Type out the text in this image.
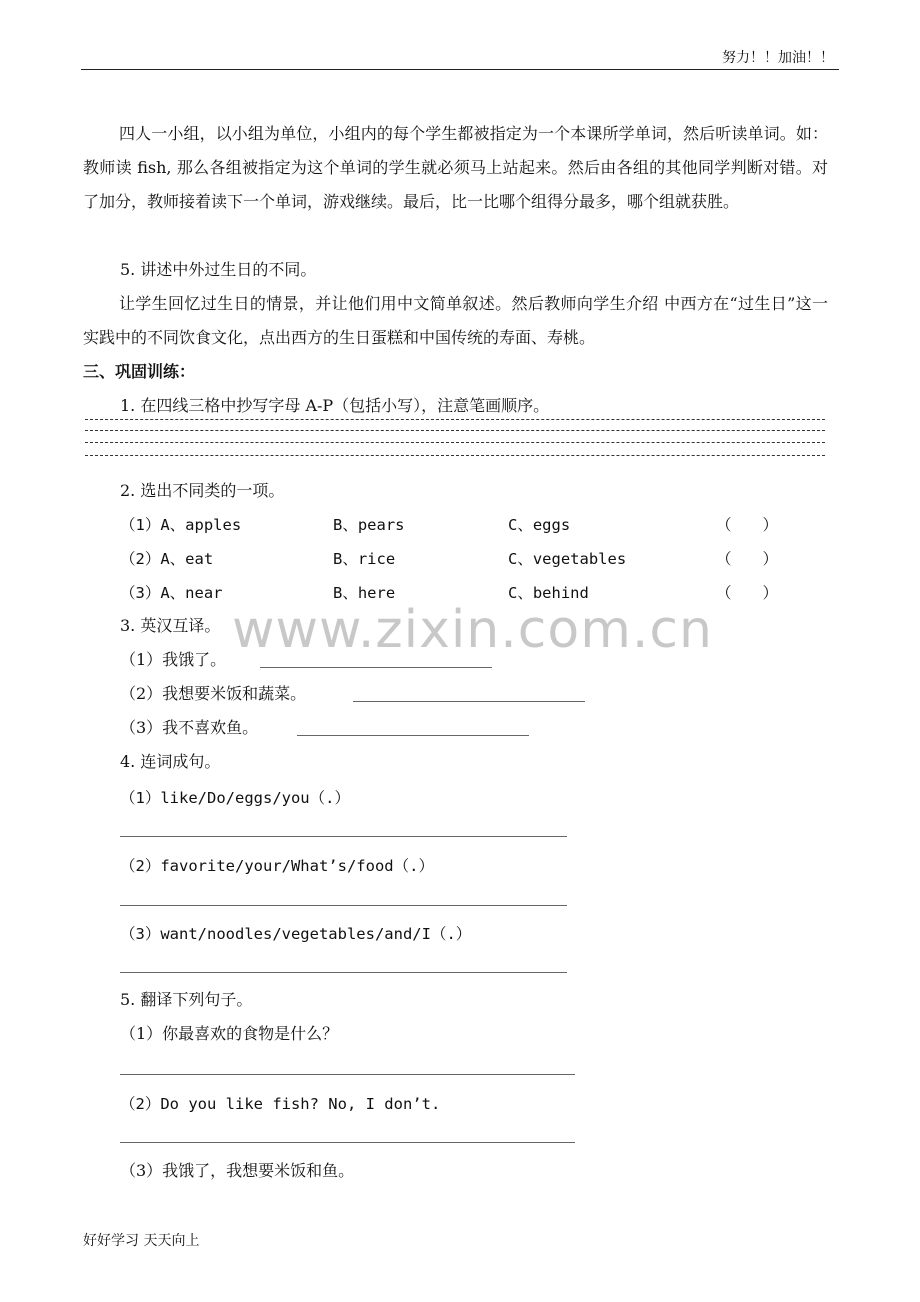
努力！！加油！！
四人一小组，以小组为单位，小组内的每个学生都被指定为一个本课所学单词，然后听读单词。如：教师读 fish, 那么各组被指定为这个单词的学生就必须马上站起来。然后由各组的其他同学判断对错。对了加分，教师接着读下一个单词，游戏继续。最后，比一比哪个组得分最多，哪个组就获胜。
5. 讲述中外过生日的不同。
让学生回忆过生日的情景，并让他们用中文简单叙述。然后教师向学生介绍 中西方在“过生日”这一实践中的不同饮食文化，点出西方的生日蛋糕和中国传统的寿面、寿桃。
三、巩固训练：
1. 在四线三格中抄写字母 A-P（包括小写），注意笔画顺序。
2. 选出不同类的一项。
（1）A、apples	B、pears	C、eggs	（　　）
（2）A、eat	B、rice	C、vegetables	（　　）
（3）A、near	B、here	C、behind	（　　）
www.zixin.com.cn
3. 英汉互译。
（1）我饿了。
（2）我想要米饭和蔬菜。
（3）我不喜欢鱼。
4. 连词成句。
（1）like/Do/eggs/you（.）
（2）favorite/your/What’s/food（.）
（3）want/noodles/vegetables/and/I（.）
5. 翻译下列句子。
（1）你最喜欢的食物是什么？
（2）Do you like fish? No, I don’t.
（3）我饿了，我想要米饭和鱼。
好好学习 天天向上
